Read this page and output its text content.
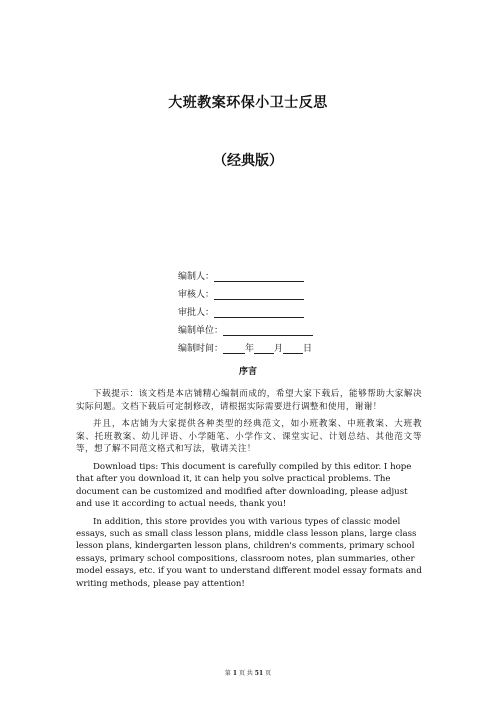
大班教案环保小卫士反思
（经典版）
编制人：
审核人：
审批人：
编制单位：
编制时间： 年 月 日
序言

下载提示：该文档是本店铺精心编制而成的，希望大家下载后，能够帮助大家解决实际问题。文档下载后可定制修改，请根据实际需要进行调整和使用，谢谢！

并且，本店铺为大家提供各种类型的经典范文，如小班教案、中班教案、大班教案、托班教案、幼儿评语、小学随笔、小学作文、课堂实记、计划总结、其他范文等等，想了解不同范文格式和写法，敬请关注！

Download tips: This document is carefully compiled by this editor. I hope that after you download it, it can help you solve practical problems. The document can be customized and modified after downloading, please adjust and use it according to actual needs, thank you!

In addition, this store provides you with various types of classic model essays, such as small class lesson plans, middle class lesson plans, large class lesson plans, kindergarten lesson plans, children's comments, primary school essays, primary school compositions, classroom notes, plan summaries, other model essays, etc. if you want to understand different model essay formats and writing methods, please pay attention!

第 1 页 共 51 页
